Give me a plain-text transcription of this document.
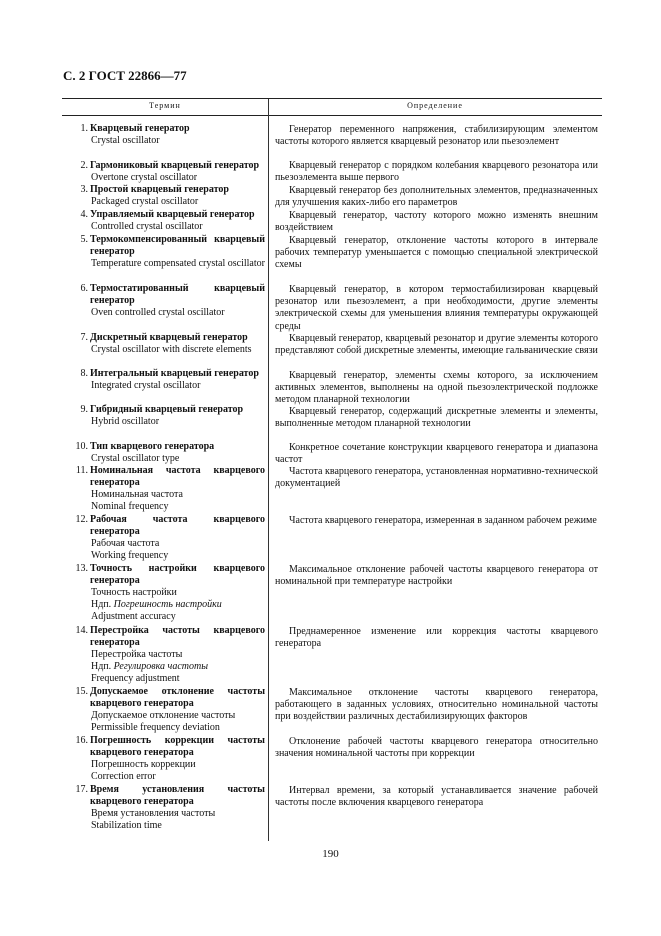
С. 2 ГОСТ 22866—77
Термин	Определение
1. Кварцевый генератор
Crystal oscillator
Генератор переменного напряжения, стабилизирующим элементом частоты которого является кварцевый резонатор или пьезоэлемент
2. Гармониковый кварцевый генератор
Overtone crystal oscillator
Кварцевый генератор с порядком колебания кварцевого резонатора или пьезоэлемента выше первого
3. Простой кварцевый генератор
Packaged crystal oscillator
Кварцевый генератор без дополнительных элементов, предназначенных для улучшения каких-либо его параметров
4. Управляемый кварцевый генератор
Controlled crystal oscillator
Кварцевый генератор, частоту которого можно изменять внешним воздействием
5. Термокомпенсированный кварцевый генератор
Temperature compensated crystal oscillator
Кварцевый генератор, отклонение частоты которого в интервале рабочих температур уменьшается с помощью специальной электрической схемы
6. Термостатированный кварцевый генератор
Oven controlled crystal oscillator
Кварцевый генератор, в котором термостабилизирован кварцевый резонатор или пьезоэлемент, а при необходимости, другие элементы электрической схемы для уменьшения влияния температуры окружающей среды
7. Дискретный кварцевый генератор
Crystal oscillator with discrete elements
Кварцевый генератор, кварцевый резонатор и другие элементы которого представляют собой дискретные элементы, имеющие гальванические связи
8. Интегральный кварцевый генератор
Integrated crystal oscillator
Кварцевый генератор, элементы схемы которого, за исключением активных элементов, выполнены на одной пьезоэлектрической подложке методом планарной технологии
9. Гибридный кварцевый генератор
Hybrid oscillator
Кварцевый генератор, содержащий дискретные элементы и элементы, выполненные методом планарной технологии
10. Тип кварцевого генератора
Crystal oscillator type
Конкретное сочетание конструкции кварцевого генератора и диапазона частот
11. Номинальная частота кварцевого генератора
Номинальная частота
Nominal frequency
Частота кварцевого генератора, установленная нормативно-технической документацией
12. Рабочая частота кварцевого генератора
Рабочая частота
Working frequency
Частота кварцевого генератора, измеренная в заданном рабочем режиме
13. Точность настройки кварцевого генератора
Точность настройки
Ндп. Погрешность настройки
Adjustment accuracy
Максимальное отклонение рабочей частоты кварцевого генератора от номинальной при температуре настройки
14. Перестройка частоты кварцевого генератора
Перестройка частоты
Ндп. Регулировка частоты
Frequency adjustment
Преднамеренное изменение или коррекция частоты кварцевого генератора
15. Допускаемое отклонение частоты кварцевого генератора
Допускаемое отклонение частоты
Permissible frequency deviation
Максимальное отклонение частоты кварцевого генератора, работающего в заданных условиях, относительно номинальной частоты при воздействии различных дестабилизирующих факторов
16. Погрешность коррекции частоты кварцевого генератора
Погрешность коррекции
Correction error
Отклонение рабочей частоты кварцевого генератора относительно значения номинальной частоты при коррекции
17. Время установления частоты кварцевого генератора
Время установления частоты
Stabilization time
Интервал времени, за который устанавливается значение рабочей частоты после включения кварцевого генератора
190
